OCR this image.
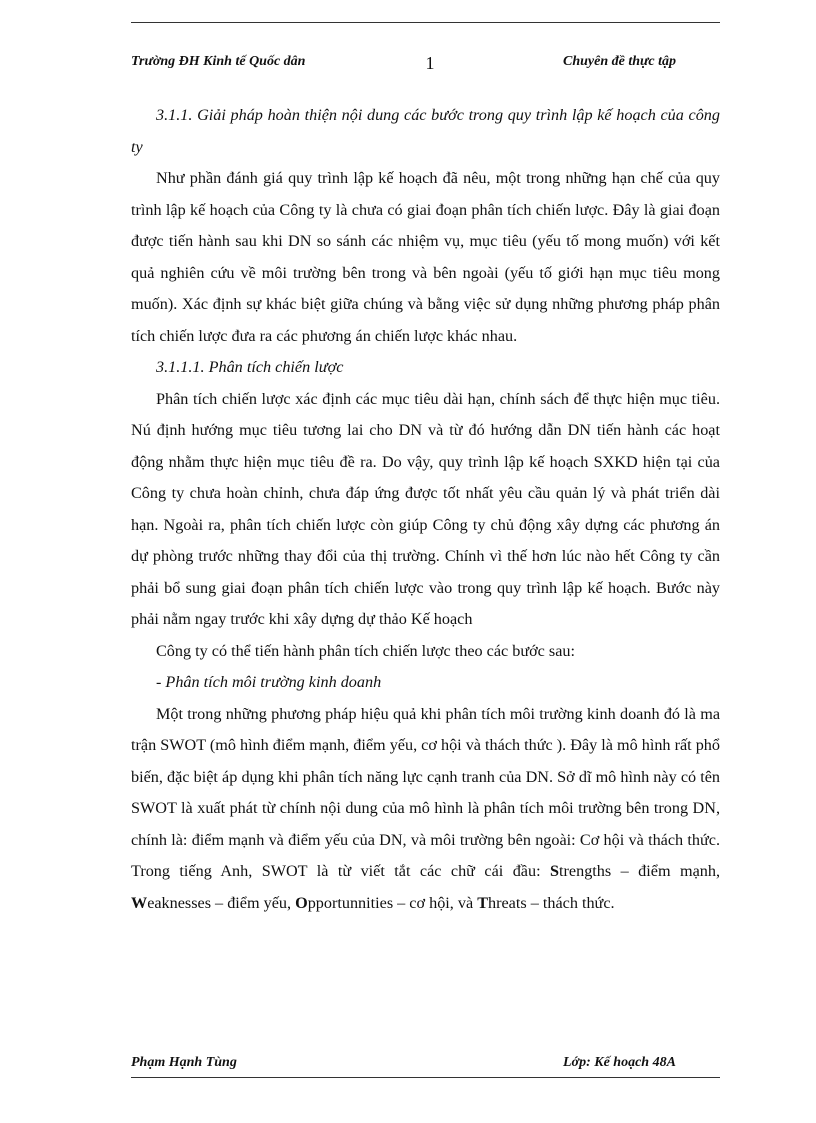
Trường ĐH Kinh tế Quốc dân	1	Chuyên đề thực tập

3.1.1. Giải pháp hoàn thiện nội dung các bước trong quy trình lập kế hoạch của công ty

Như phần đánh giá quy trình lập kế hoạch đã nêu, một trong những hạn chế của quy trình lập kế hoạch của Công ty là chưa có giai đoạn phân tích chiến lược. Đây là giai đoạn được tiến hành sau khi DN so sánh các nhiệm vụ, mục tiêu (yếu tố mong muốn) với kết quả nghiên cứu về môi trường bên trong và bên ngoài (yếu tố giới hạn mục tiêu mong muốn). Xác định sự khác biệt giữa chúng và bằng việc sử dụng những phương pháp phân tích chiến lược đưa ra các phương án chiến lược khác nhau.

3.1.1.1. Phân tích chiến lược

Phân tích chiến lược xác định các mục tiêu dài hạn, chính sách để thực hiện mục tiêu. Nú định hướng mục tiêu tương lai cho DN và từ đó hướng dẫn DN tiến hành các hoạt động nhằm thực hiện mục tiêu đề ra. Do vậy, quy trình lập kế hoạch SXKD hiện tại của Công ty chưa hoàn chỉnh, chưa đáp ứng được tốt nhất yêu cầu quản lý và phát triển dài hạn. Ngoài ra, phân tích chiến lược còn giúp Công ty chủ động xây dựng các phương án dự phòng trước những thay đổi của thị trường. Chính vì thế hơn lúc nào hết Công ty cần phải bổ sung giai đoạn phân tích chiến lược vào trong quy trình lập kế hoạch. Bước này phải nằm ngay trước khi xây dựng dự thảo Kế hoạch

Công ty có thể tiến hành phân tích chiến lược theo các bước sau:

- Phân tích môi trường kinh doanh

Một trong những phương pháp hiệu quả khi phân tích môi trường kinh doanh đó là ma trận SWOT (mô hình điểm mạnh, điểm yếu, cơ hội và thách thức ). Đây là mô hình rất phổ biến, đặc biệt áp dụng khi phân tích năng lực cạnh tranh của DN. Sở dĩ mô hình này có tên SWOT là xuất phát từ chính nội dung của mô hình là phân tích môi trường bên trong DN, chính là: điểm mạnh và điểm yếu của DN, và môi trường bên ngoài: Cơ hội và thách thức. Trong tiếng Anh, SWOT là từ viết tắt các chữ cái đầu: Strengths – điểm mạnh, Weaknesses – điểm yếu, Opportunnities – cơ hội, và Threats – thách thức.

Phạm Hạnh Tùng	Lớp: Kế hoạch 48A
